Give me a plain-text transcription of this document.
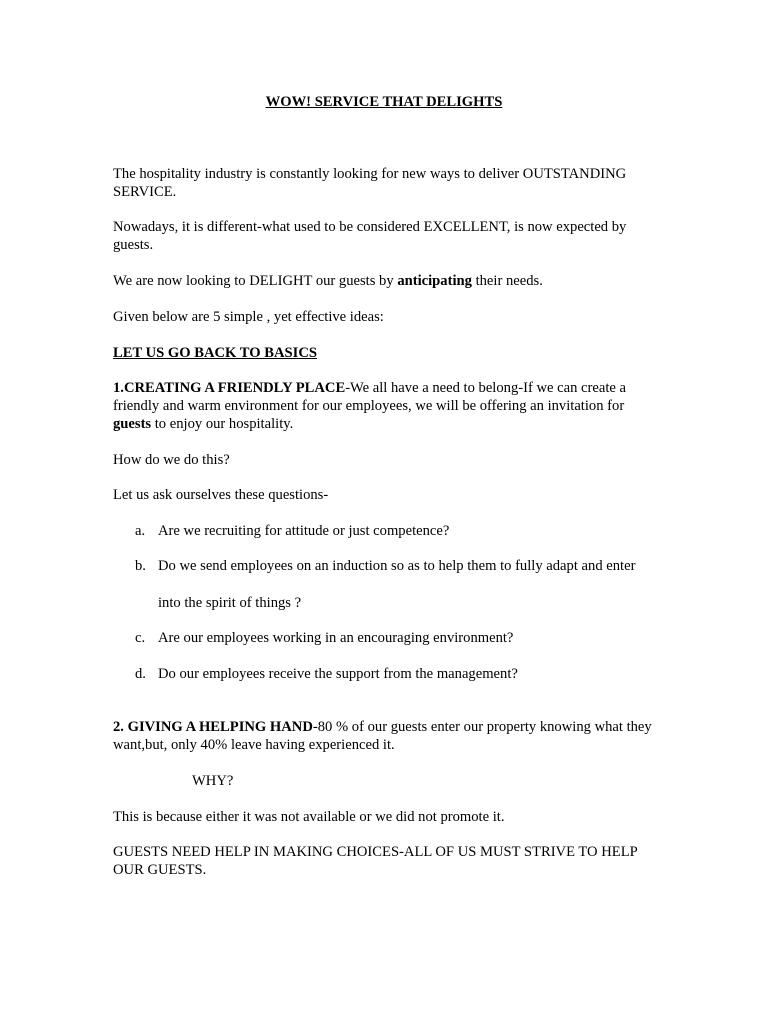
WOW! SERVICE THAT DELIGHTS

The hospitality industry is constantly looking for new ways to deliver OUTSTANDING SERVICE.

Nowadays, it is different-what used to be considered EXCELLENT, is now expected by guests.

We are now looking to DELIGHT our guests by anticipating their needs.

Given below are 5 simple , yet effective ideas:

LET US GO BACK TO BASICS

1.CREATING A FRIENDLY PLACE-We all have a need to belong-If we can create a friendly and warm environment for our employees, we will be offering an invitation for guests to enjoy our hospitality.

How do we do this?

Let us ask ourselves these questions-

a. Are we recruiting for attitude or just competence?
b. Do we send employees on an induction so as to help them to fully adapt and enter
into the spirit of things ?
c. Are our employees working in an encouraging environment?
d. Do our employees receive the support from the management?

2. GIVING A HELPING HAND-80 % of our guests enter our property knowing what they want,but, only 40% leave having experienced it.

WHY?

This is because either it was not available or we did not promote it.

GUESTS NEED HELP IN MAKING CHOICES-ALL OF US MUST STRIVE TO HELP OUR GUESTS.
